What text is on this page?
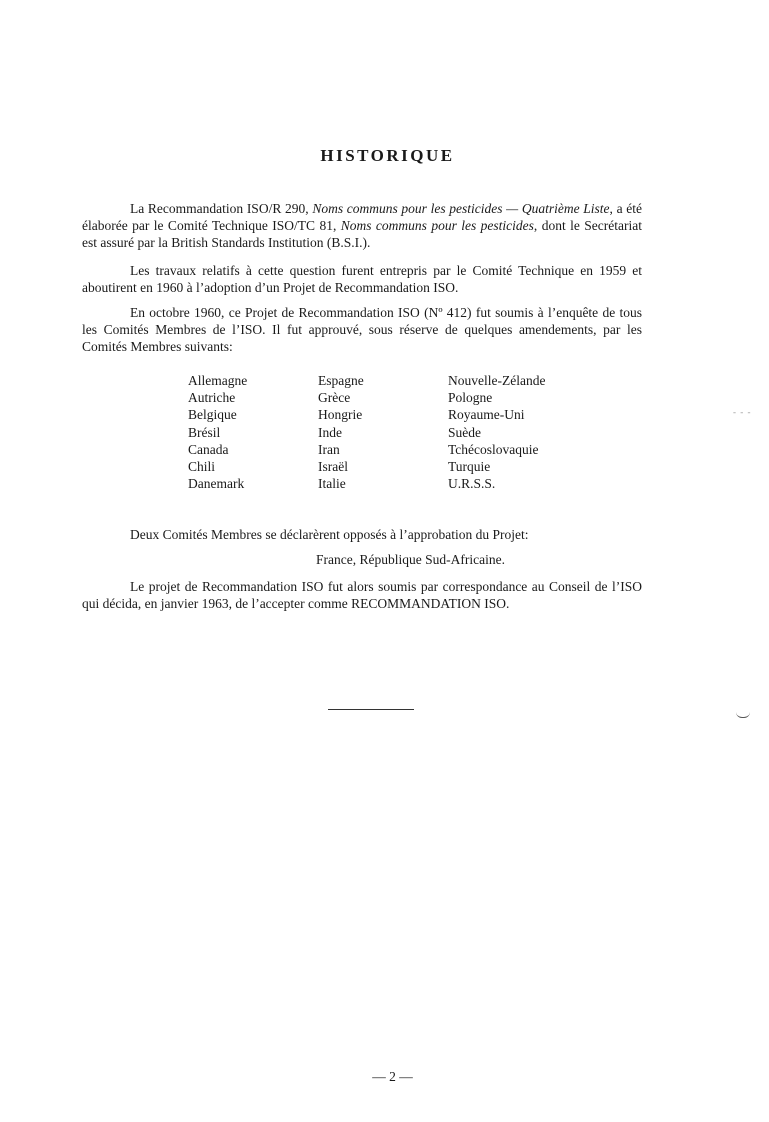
HISTORIQUE

La Recommandation ISO/R 290, Noms communs pour les pesticides — Quatrième Liste, a été élaborée par le Comité Technique ISO/TC 81, Noms communs pour les pesticides, dont le Secrétariat est assuré par la British Standards Institution (B.S.I.).

Les travaux relatifs à cette question furent entrepris par le Comité Technique en 1959 et aboutirent en 1960 à l’adoption d’un Projet de Recommandation ISO.

En octobre 1960, ce Projet de Recommandation ISO (Nº 412) fut soumis à l’enquête de tous les Comités Membres de l’ISO. Il fut approuvé, sous réserve de quelques amendements, par les Comités Membres suivants:

Allemagne
Autriche
Belgique
Brésil
Canada
Chili
Danemark
Espagne
Grèce
Hongrie
Inde
Iran
Israël
Italie
Nouvelle-Zélande
Pologne
Royaume-Uni
Suède
Tchécoslovaquie
Turquie
U.R.S.S.

Deux Comités Membres se déclarèrent opposés à l’approbation du Projet:

France, République Sud-Africaine.

Le projet de Recommandation ISO fut alors soumis par correspondance au Conseil de l’ISO qui décida, en janvier 1963, de l’accepter comme RECOMMANDATION ISO.

— 2 —
- - -
